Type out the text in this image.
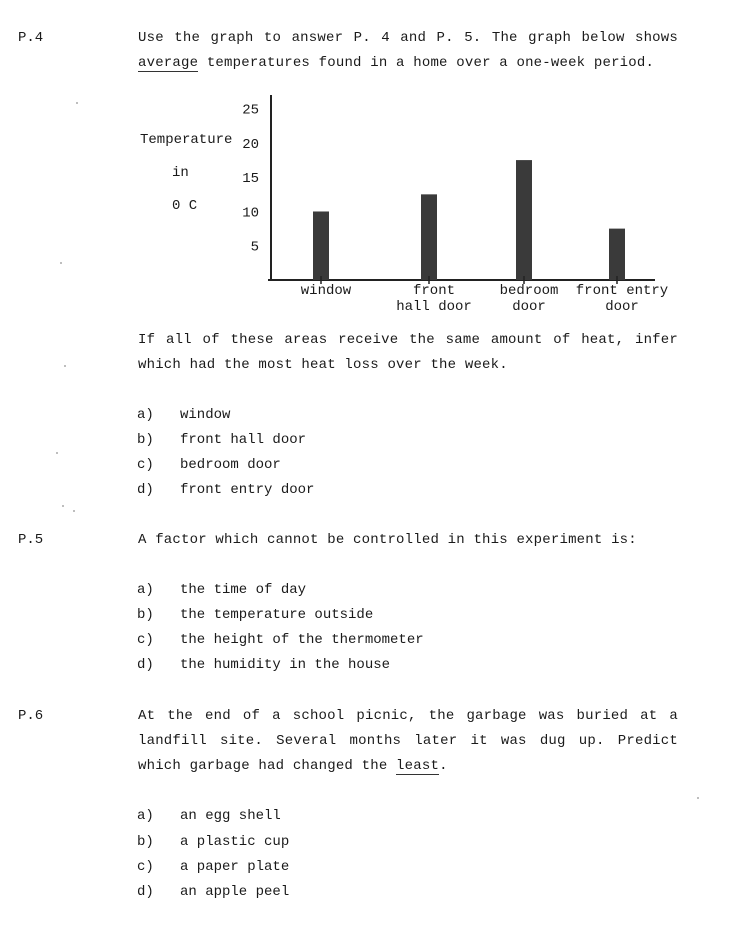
P.4	Use the graph to answer P. 4 and P. 5. The graph below shows
average temperatures found in a home over a one-week period.
Temperature
in
0 C
5
10
15
20
25
window	front
hall door
bedroom
door
front entry
door
If all of these areas receive the same amount of heat, infer
which had the most heat loss over the week.
a) window
b) front hall door
c) bedroom door
d) front entry door
P.5	A factor which cannot be controlled in this experiment is:
a) the time of day
b) the temperature outside
c) the height of the thermometer
d) the humidity in the house
P.6	At the end of a school picnic, the garbage was buried at a
landfill site. Several months later it was dug up. Predict
which garbage had changed the least.
a) an egg shell
b) a plastic cup
c) a paper plate
d) an apple peel
